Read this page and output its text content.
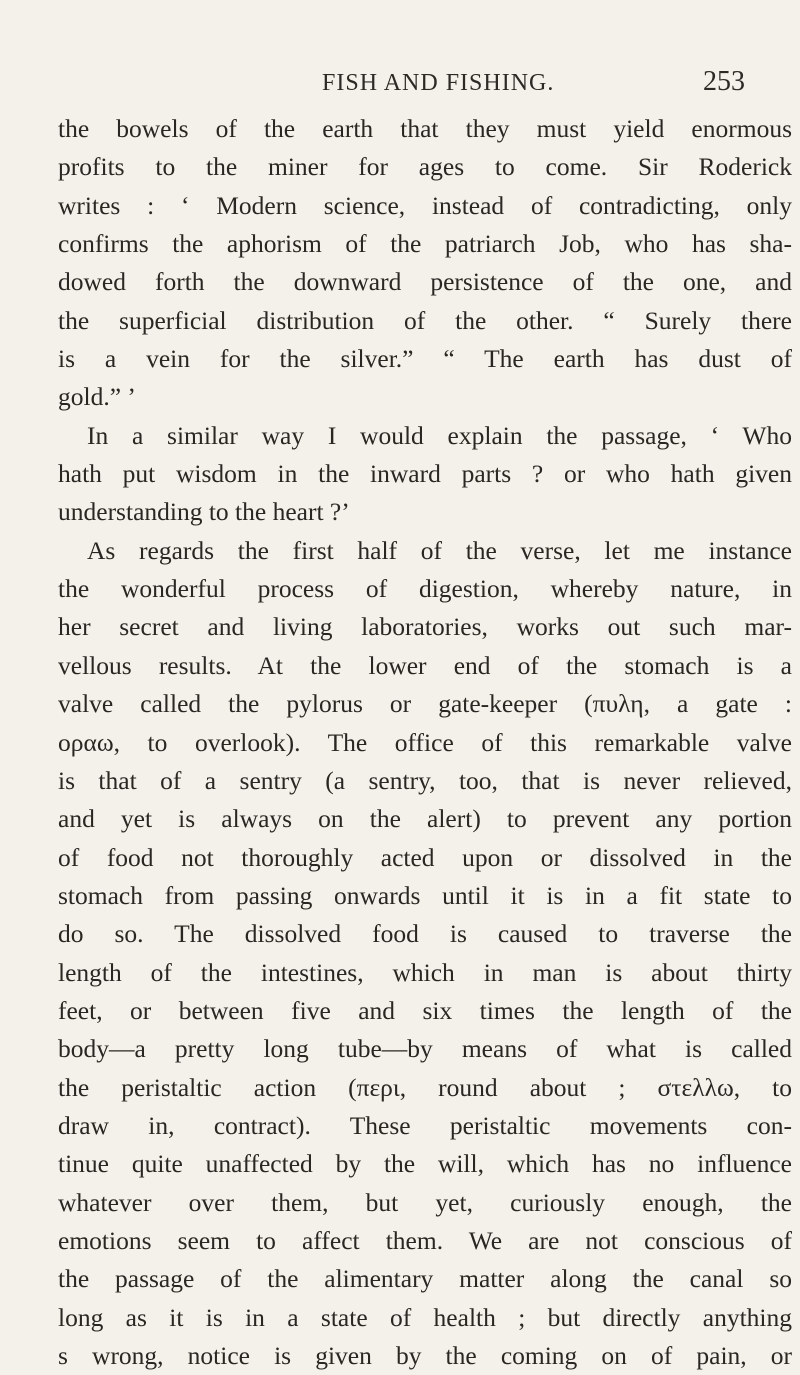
FISH AND FISHING.	253
the bowels of the earth that they must yield enormous
profits to the miner for ages to come. Sir Roderick
writes : ‘ Modern science, instead of contradicting, only
confirms the aphorism of the patriarch Job, who has sha-
dowed forth the downward persistence of the one, and
the superficial distribution of the other. “ Surely there
is a vein for the silver.” “ The earth has dust of
gold.” ’
In a similar way I would explain the passage, ‘ Who
hath put wisdom in the inward parts ? or who hath given
understanding to the heart ?’
As regards the first half of the verse, let me instance
the wonderful process of digestion, whereby nature, in
her secret and living laboratories, works out such mar-
vellous results. At the lower end of the stomach is a
valve called the pylorus or gate-keeper (πυλη, a gate :
οραω, to overlook). The office of this remarkable valve
is that of a sentry (a sentry, too, that is never relieved,
and yet is always on the alert) to prevent any portion
of food not thoroughly acted upon or dissolved in the
stomach from passing onwards until it is in a fit state to
do so. The dissolved food is caused to traverse the
length of the intestines, which in man is about thirty
feet, or between five and six times the length of the
body—a pretty long tube—by means of what is called
the peristaltic action (περι, round about ; στελλω, to
draw in, contract). These peristaltic movements con-
tinue quite unaffected by the will, which has no influence
whatever over them, but yet, curiously enough, the
emotions seem to affect them. We are not conscious of
the passage of the alimentary matter along the canal so
long as it is in a state of health ; but directly anything
s wrong, notice is given by the coming on of pain, or
